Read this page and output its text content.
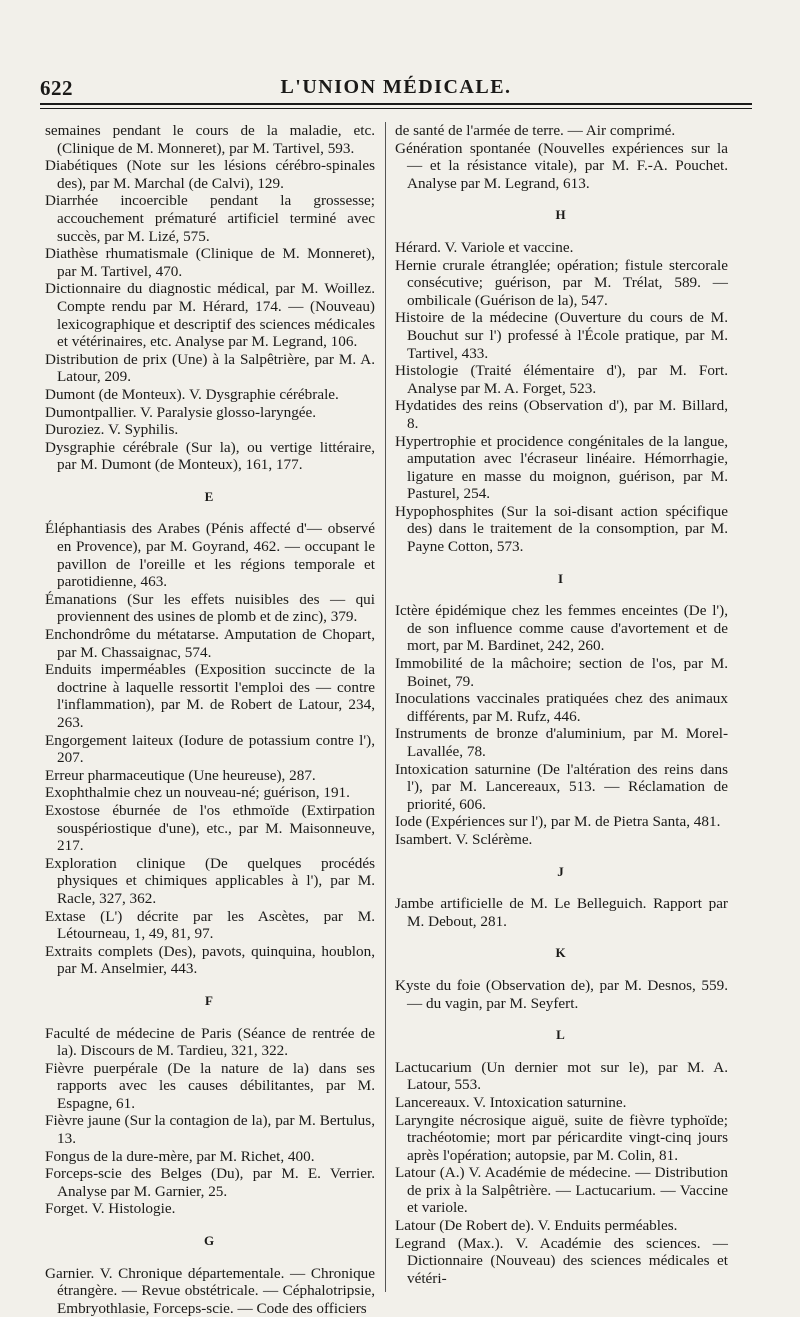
622	L'UNION MÉDICALE.
semaines pendant le cours de la maladie, etc. (Clinique de M. Monneret), par M. Tartivel, 593.
Diabétiques (Note sur les lésions cérébro-spinales des), par M. Marchal (de Calvi), 129.
Diarrhée incoercible pendant la grossesse; accouchement prématuré artificiel terminé avec succès, par M. Lizé, 575.
Diathèse rhumatismale (Clinique de M. Monneret), par M. Tartivel, 470.
Dictionnaire du diagnostic médical, par M. Woillez. Compte rendu par M. Hérard, 174. — (Nouveau) lexicographique et descriptif des sciences médicales et vétérinaires, etc. Analyse par M. Legrand, 106.
Distribution de prix (Une) à la Salpêtrière, par M. A. Latour, 209.
Dumont (de Monteux). V. Dysgraphie cérébrale.
Dumontpallier. V. Paralysie glosso-laryngée.
Duroziez. V. Syphilis.
Dysgraphie cérébrale (Sur la), ou vertige littéraire, par M. Dumont (de Monteux), 161, 177.
E
Éléphantiasis des Arabes (Pénis affecté d'— observé en Provence), par M. Goyrand, 462. — occupant le pavillon de l'oreille et les régions temporale et parotidienne, 463.
Émanations (Sur les effets nuisibles des — qui proviennent des usines de plomb et de zinc), 379.
Enchondrôme du métatarse. Amputation de Chopart, par M. Chassaignac, 574.
Enduits imperméables (Exposition succincte de la doctrine à laquelle ressortit l'emploi des — contre l'inflammation), par M. de Robert de Latour, 234, 263.
Engorgement laiteux (Iodure de potassium contre l'), 207.
Erreur pharmaceutique (Une heureuse), 287.
Exophthalmie chez un nouveau-né; guérison, 191.
Exostose éburnée de l'os ethmoïde (Extirpation souspériostique d'une), etc., par M. Maisonneuve, 217.
Exploration clinique (De quelques procédés physiques et chimiques applicables à l'), par M. Racle, 327, 362.
Extase (L') décrite par les Ascètes, par M. Létourneau, 1, 49, 81, 97.
Extraits complets (Des), pavots, quinquina, houblon, par M. Anselmier, 443.
F
Faculté de médecine de Paris (Séance de rentrée de la). Discours de M. Tardieu, 321, 322.
Fièvre puerpérale (De la nature de la) dans ses rapports avec les causes débilitantes, par M. Espagne, 61.
Fièvre jaune (Sur la contagion de la), par M. Bertulus, 13.
Fongus de la dure-mère, par M. Richet, 400.
Forceps-scie des Belges (Du), par M. E. Verrier. Analyse par M. Garnier, 25.
Forget. V. Histologie.
G
Garnier. V. Chronique départementale. — Chronique étrangère. — Revue obstétricale. — Céphalotripsie, Embryothlasie, Forceps-scie. — Code des officiers
de santé de l'armée de terre. — Air comprimé.
Génération spontanée (Nouvelles expériences sur la — et la résistance vitale), par M. F.-A. Pouchet. Analyse par M. Legrand, 613.
H
Hérard. V. Variole et vaccine.
Hernie crurale étranglée; opération; fistule stercorale consécutive; guérison, par M. Trélat, 589. — ombilicale (Guérison de la), 547.
Histoire de la médecine (Ouverture du cours de M. Bouchut sur l') professé à l'École pratique, par M. Tartivel, 433.
Histologie (Traité élémentaire d'), par M. Fort. Analyse par M. A. Forget, 523.
Hydatides des reins (Observation d'), par M. Billard, 8.
Hypertrophie et procidence congénitales de la langue, amputation avec l'écraseur linéaire. Hémorrhagie, ligature en masse du moignon, guérison, par M. Pasturel, 254.
Hypophosphites (Sur la soi-disant action spécifique des) dans le traitement de la consomption, par M. Payne Cotton, 573.
I
Ictère épidémique chez les femmes enceintes (De l'), de son influence comme cause d'avortement et de mort, par M. Bardinet, 242, 260.
Immobilité de la mâchoire; section de l'os, par M. Boinet, 79.
Inoculations vaccinales pratiquées chez des animaux différents, par M. Rufz, 446.
Instruments de bronze d'aluminium, par M. Morel-Lavallée, 78.
Intoxication saturnine (De l'altération des reins dans l'), par M. Lancereaux, 513. — Réclamation de priorité, 606.
Iode (Expériences sur l'), par M. de Pietra Santa, 481.
Isambert. V. Sclérème.
J
Jambe artificielle de M. Le Belleguich. Rapport par M. Debout, 281.
K
Kyste du foie (Observation de), par M. Desnos, 559. — du vagin, par M. Seyfert.
L
Lactucarium (Un dernier mot sur le), par M. A. Latour, 553.
Lancereaux. V. Intoxication saturnine.
Laryngite nécrosique aiguë, suite de fièvre typhoïde; trachéotomie; mort par péricardite vingt-cinq jours après l'opération; autopsie, par M. Colin, 81.
Latour (A.) V. Académie de médecine. — Distribution de prix à la Salpêtrière. — Lactucarium. — Vaccine et variole.
Latour (De Robert de). V. Enduits perméables.
Legrand (Max.). V. Académie des sciences. — Dictionnaire (Nouveau) des sciences médicales et vétéri-
